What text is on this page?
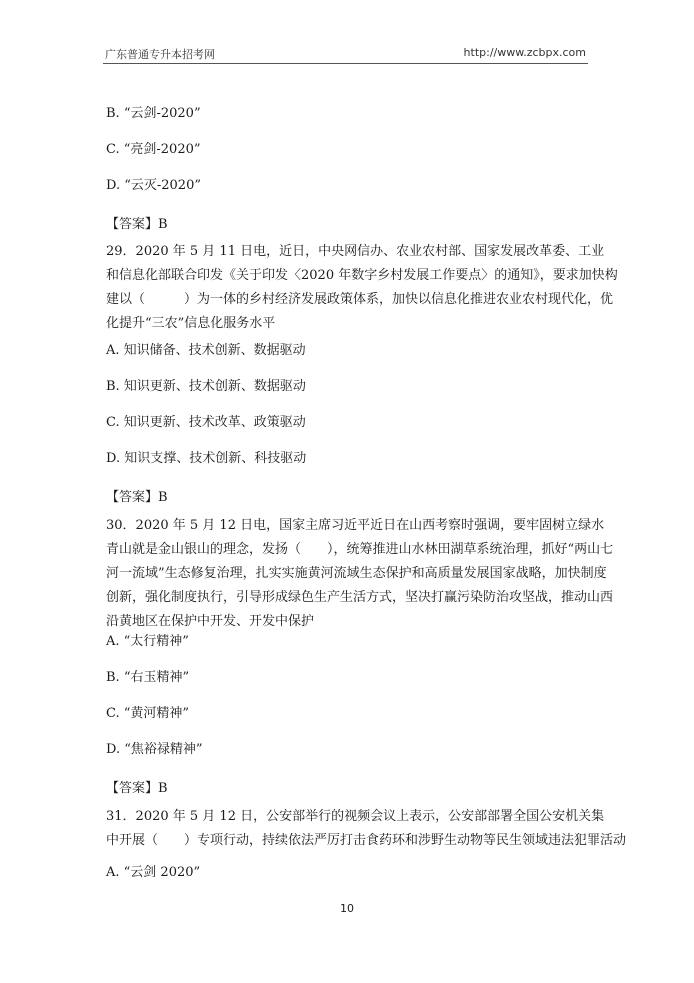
广东普通专升本招考网	http://www.zcbpx.com
B. “云剑-2020”
C. “亮剑-2020”
D. “云灭-2020”
【答案】B
29．2020 年 5 月 11 日电，近日，中央网信办、农业农村部、国家发展改革委、工业
和信息化部联合印发《关于印发〈2020 年数字乡村发展工作要点〉的通知》，要求加快构
建以（　　　）为一体的乡村经济发展政策体系，加快以信息化推进农业农村现代化，优
化提升“三农”信息化服务水平
A. 知识储备、技术创新、数据驱动
B. 知识更新、技术创新、数据驱动
C. 知识更新、技术改革、政策驱动
D. 知识支撑、技术创新、科技驱动
【答案】B
30．2020 年 5 月 12 日电，国家主席习近平近日在山西考察时强调，要牢固树立绿水
青山就是金山银山的理念，发扬（　　），统筹推进山水林田湖草系统治理，抓好“两山七
河一流域”生态修复治理，扎实实施黄河流域生态保护和高质量发展国家战略，加快制度
创新，强化制度执行，引导形成绿色生产生活方式，坚决打赢污染防治攻坚战，推动山西
沿黄地区在保护中开发、开发中保护
A. “太行精神”
B. “右玉精神”
C. “黄河精神”
D. “焦裕禄精神”
【答案】B
31．2020 年 5 月 12 日，公安部举行的视频会议上表示，公安部部署全国公安机关集
中开展（　　）专项行动，持续依法严厉打击食药环和涉野生动物等民生领域违法犯罪活动
A. “云剑 2020”
10
